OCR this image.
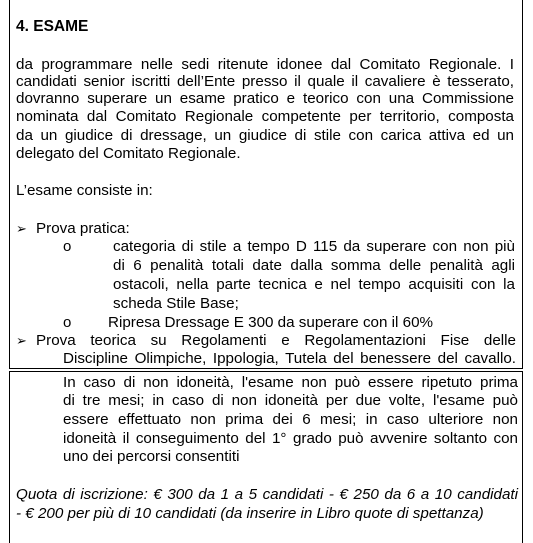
4. ESAME
da programmare nelle sedi ritenute idonee dal Comitato Regionale. I
candidati senior iscritti dell’Ente presso il quale il cavaliere è tesserato,
dovranno superare un esame pratico e teorico con una Commissione
nominata dal Comitato Regionale competente per territorio, composta
da un giudice di dressage, un giudice di stile con carica attiva ed un
delegato del Comitato Regionale.
L’esame consiste in:
➢ Prova pratica:
o	categoria di stile a tempo D 115 da superare con non più
di 6 penalità totali date dalla somma delle penalità agli
ostacoli, nella parte tecnica e nel tempo acquisiti con la
scheda Stile Base;
o Ripresa Dressage E 300 da superare con il 60%
➢ Prova teorica su Regolamenti e Regolamentazioni Fise delle
Discipline Olimpiche, Ippologia, Tutela del benessere del cavallo.
In caso di non idoneità, l'esame non può essere ripetuto prima
di tre mesi; in caso di non idoneità per due volte, l'esame può
essere effettuato non prima dei 6 mesi; in caso ulteriore non
idoneità il conseguimento del 1° grado può avvenire soltanto con
uno dei percorsi consentiti
Quota di iscrizione: € 300 da 1 a 5 candidati - € 250 da 6 a 10 candidati
- € 200 per più di 10 candidati (da inserire in Libro quote di spettanza)
